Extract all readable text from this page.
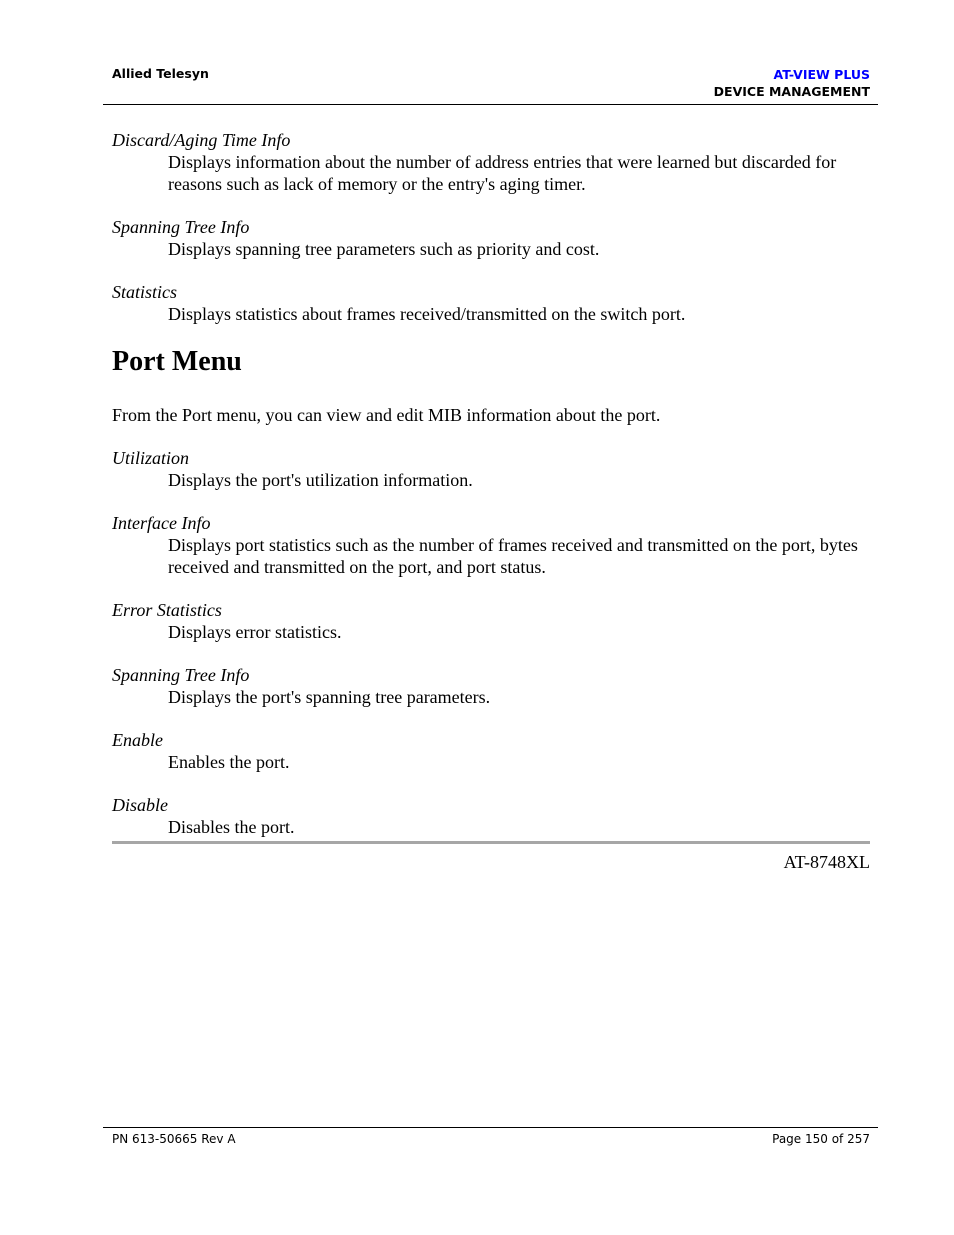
Allied Telesyn	AT-VIEW PLUS
DEVICE MANAGEMENT

Discard/Aging Time Info

Displays information about the number of address entries that were learned but discarded for reasons such as lack of memory or the entry's aging timer.

Spanning Tree Info

Displays spanning tree parameters such as priority and cost.

Statistics

Displays statistics about frames received/transmitted on the switch port.

Port Menu

From the Port menu, you can view and edit MIB information about the port.

Utilization

Displays the port's utilization information.

Interface Info

Displays port statistics such as the number of frames received and transmitted on the port, bytes received and transmitted on the port, and port status.

Error Statistics

Displays error statistics.

Spanning Tree Info

Displays the port's spanning tree parameters.

Enable

Enables the port.

Disable

Disables the port.

AT-8748XL
PN 613-50665 Rev A	Page 150 of 257
